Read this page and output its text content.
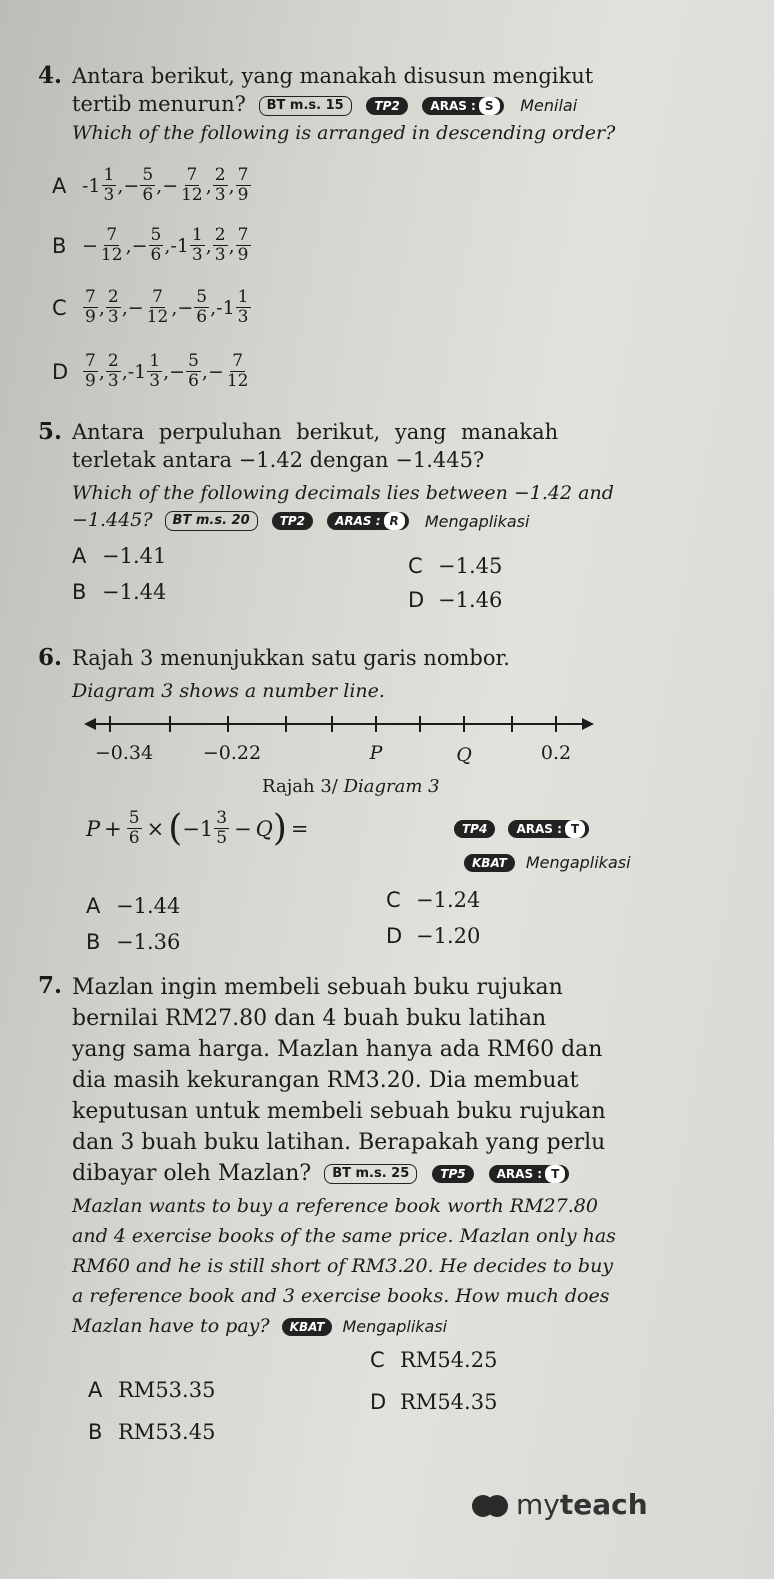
4. Antara berikut, yang manakah disusun mengikut
tertib menurun? BT m.s. 15	TP2	ARAS : S Menilai
Which of the following is arranged in descending order?
A - $1 \frac{1}{3}$ , − $\frac{5}{6}$ , − $\frac{7}{12}$ , $\frac{2}{3}$ , $\frac{7}{9}$
$B - \frac{7}{12}$ , − $\frac{5}{6}$ , - $1 \frac{1}{3}$ , $\frac{2}{3}$ , $\frac{7}{9}$
C $\frac{7}{9}$ , $\frac{2}{3}$ , − $\frac{7}{12}$ , − $\frac{5}{6}$ , - $1 \frac{1}{3}$
D $\frac{7}{9}$ , $\frac{2}{3}$ , - $1 \frac{1}{3}$ , − $\frac{5}{6}$ , − $\frac{7}{12}$
5. Antara perpuluhan berikut, yang manakah
terletak antara −1.42 dengan −1.445?
Which of the following decimals lies between −1.42 and
−1.445? BT m.s. 20	TP2	ARAS : R Mengaplikasi
A −1.41
B −1.44
C −1.45
D −1.46
6. Rajah 3 menunjukkan satu garis nombor.
Diagram 3 shows a number line.
−0.34	−0.22	P	Q	0.2
Rajah 3/ Diagram 3
$P + \frac{5}{6}$ × ( $-1 \frac{3}{5} - Q$ ) =	TP4 ARAS : T
KBAT Mengaplikasi
A −1.44
B −1.36
C −1.24
D −1.20
7. Mazlan ingin membeli sebuah buku rujukan
bernilai RM27.80 dan 4 buah buku latihan
yang sama harga. Mazlan hanya ada RM60 dan
dia masih kekurangan RM3.20. Dia membuat
keputusan untuk membeli sebuah buku rujukan
dan 3 buah buku latihan. Berapakah yang perlu
dibayar oleh Mazlan? BT m.s. 25	TP5	ARAS : T
Mazlan wants to buy a reference book worth RM27.80
and 4 exercise books of the same price. Mazlan only has
RM60 and he is still short of RM3.20. He decides to buy
a reference book and 3 exercise books. How much does
Mazlan have to pay? KBAT Mengaplikasi
A RM53.35
B RM53.45
C RM54.25
D RM54.35
myteach
